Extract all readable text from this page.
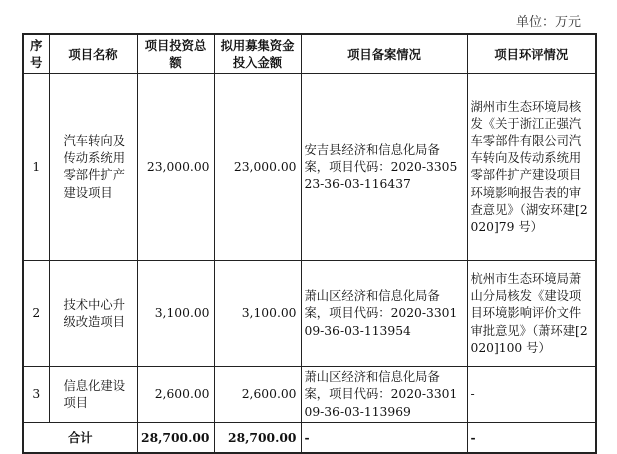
单位：万元
序号	项目名称	项目投资总额	拟用募集资金投入金额	项目备案情况	项目环评情况
1	汽车转向及传动系统用零部件扩产建设项目	23,000.00	23,000.00	安吉县经济和信息化局备案，项目代码：2020-330523-36-03-116437	湖州市生态环境局核发《关于浙江正强汽车零部件有限公司汽车转向及传动系统用零部件扩产建设项目环境影响报告表的审查意见》（湖安环建[2020]79 号）
2	技术中心升级改造项目	3,100.00	3,100.00	萧山区经济和信息化局备案，项目代码：2020-330109-36-03-113954	杭州市生态环境局萧山分局核发《建设项目环境影响评价文件审批意见》（萧环建[2020]100 号）
3	信息化建设项目	2,600.00	2,600.00	萧山区经济和信息化局备案，项目代码：2020-330109-36-03-113969	-
合计		28,700.00	28,700.00	-	-
